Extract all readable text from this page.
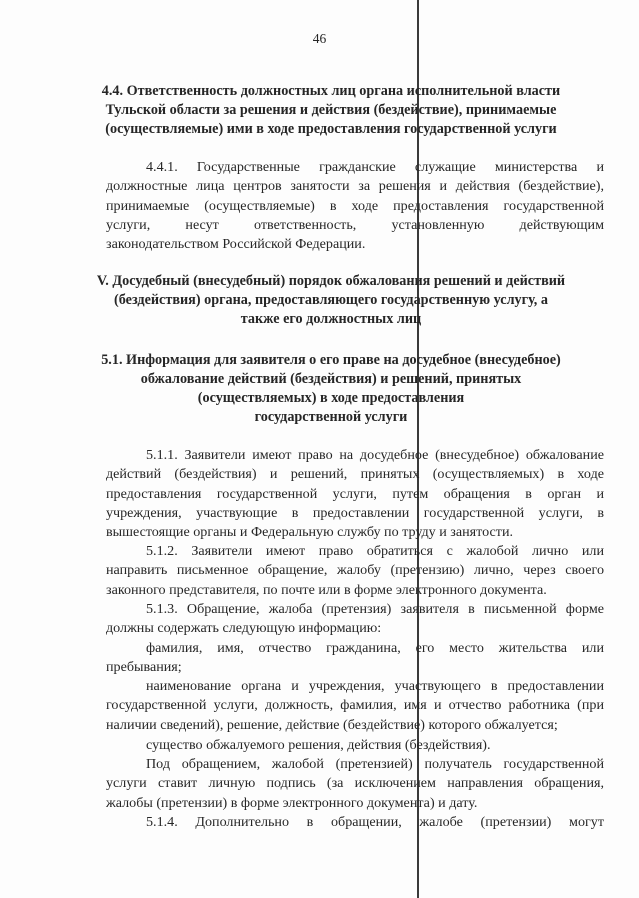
46
4.4. Ответственность должностных лиц органа исполнительной власти
Тульской области за решения и действия (бездействие), принимаемые
(осуществляемые) ими в ходе предоставления государственной услуги
4.4.1. Государственные гражданские служащие министерства и
должностные лица центров занятости за решения и действия (бездействие),
принимаемые (осуществляемые) в ходе предоставления государственной
услуги, несут ответственность, установленную действующим
законодательством Российской Федерации.
V. Досудебный (внесудебный) порядок обжалования решений и действий
(бездействия) органа, предоставляющего государственную услугу, а
также его должностных лиц
5.1. Информация для заявителя о его праве на досудебное (внесудебное)
обжалование действий (бездействия) и решений, принятых
(осуществляемых) в ходе предоставления
государственной услуги
5.1.1. Заявители имеют право на досудебное (внесудебное) обжалование
действий (бездействия) и решений, принятых (осуществляемых) в ходе
предоставления государственной услуги, путем обращения в орган и
учреждения, участвующие в предоставлении государственной услуги, в
вышестоящие органы и Федеральную службу по труду и занятости.
5.1.2. Заявители имеют право обратиться с жалобой лично или
направить письменное обращение, жалобу (претензию) лично, через своего
законного представителя, по почте или в форме электронного документа.
5.1.3. Обращение, жалоба (претензия) заявителя в письменной форме
должны содержать следующую информацию:
фамилия, имя, отчество гражданина, его место жительства или
пребывания;
наименование органа и учреждения, участвующего в предоставлении
государственной услуги, должность, фамилия, имя и отчество работника (при
наличии сведений), решение, действие (бездействие) которого обжалуется;
существо обжалуемого решения, действия (бездействия).
Под обращением, жалобой (претензией) получатель государственной
услуги ставит личную подпись (за исключением направления обращения,
жалобы (претензии) в форме электронного документа) и дату.
5.1.4. Дополнительно в обращении, жалобе (претензии) могут
